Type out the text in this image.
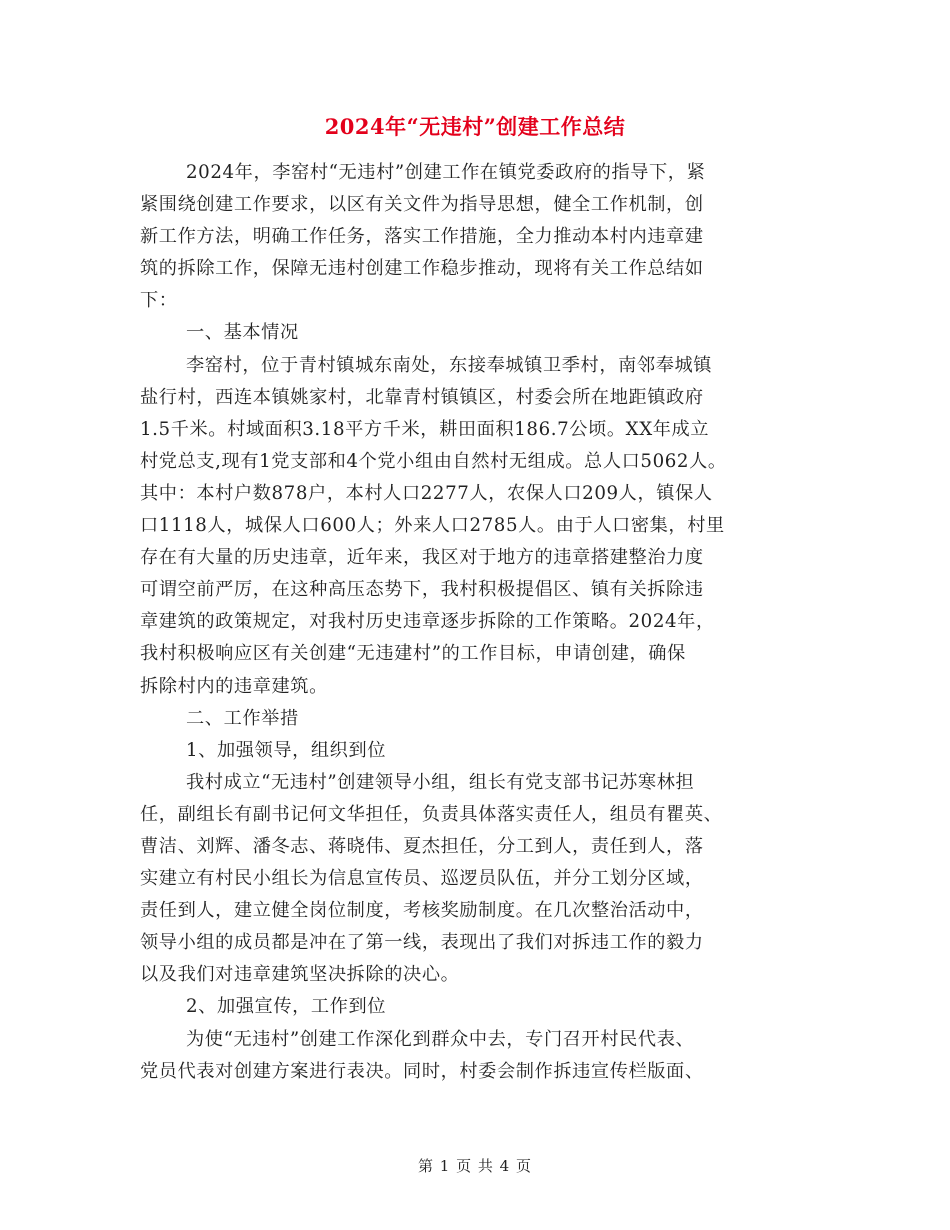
2024年“无违村”创建工作总结
2024年，李窑村“无违村”创建工作在镇党委政府的指导下，紧
紧围绕创建工作要求，以区有关文件为指导思想，健全工作机制，创
新工作方法，明确工作任务，落实工作措施，全力推动本村内违章建
筑的拆除工作，保障无违村创建工作稳步推动，现将有关工作总结如
下：
一、基本情况
李窑村，位于青村镇城东南处，东接奉城镇卫季村，南邻奉城镇
盐行村，西连本镇姚家村，北靠青村镇镇区，村委会所在地距镇政府
1.5千米。村域面积3.18平方千米，耕田面积186.7公顷。XX年成立
村党总支,现有1党支部和4个党小组由自然村无组成。总人口5062人。
其中：本村户数878户，本村人口2277人，农保人口209人，镇保人
口1118人，城保人口600人；外来人口2785人。由于人口密集，村里
存在有大量的历史违章，近年来，我区对于地方的违章搭建整治力度
可谓空前严厉，在这种高压态势下，我村积极提倡区、镇有关拆除违
章建筑的政策规定，对我村历史违章逐步拆除的工作策略。2024年，
我村积极响应区有关创建“无违建村”的工作目标，申请创建，确保
拆除村内的违章建筑。
二、工作举措
1、加强领导，组织到位
我村成立“无违村”创建领导小组，组长有党支部书记苏寒林担
任，副组长有副书记何文华担任，负责具体落实责任人，组员有瞿英、
曹洁、刘辉、潘冬志、蒋晓伟、夏杰担任，分工到人，责任到人，落
实建立有村民小组长为信息宣传员、巡逻员队伍，并分工划分区域，
责任到人，建立健全岗位制度，考核奖励制度。在几次整治活动中，
领导小组的成员都是冲在了第一线，表现出了我们对拆违工作的毅力
以及我们对违章建筑坚决拆除的决心。
2、加强宣传，工作到位
为使“无违村”创建工作深化到群众中去，专门召开村民代表、
党员代表对创建方案进行表决。同时，村委会制作拆违宣传栏版面、
第 1 页 共 4 页
